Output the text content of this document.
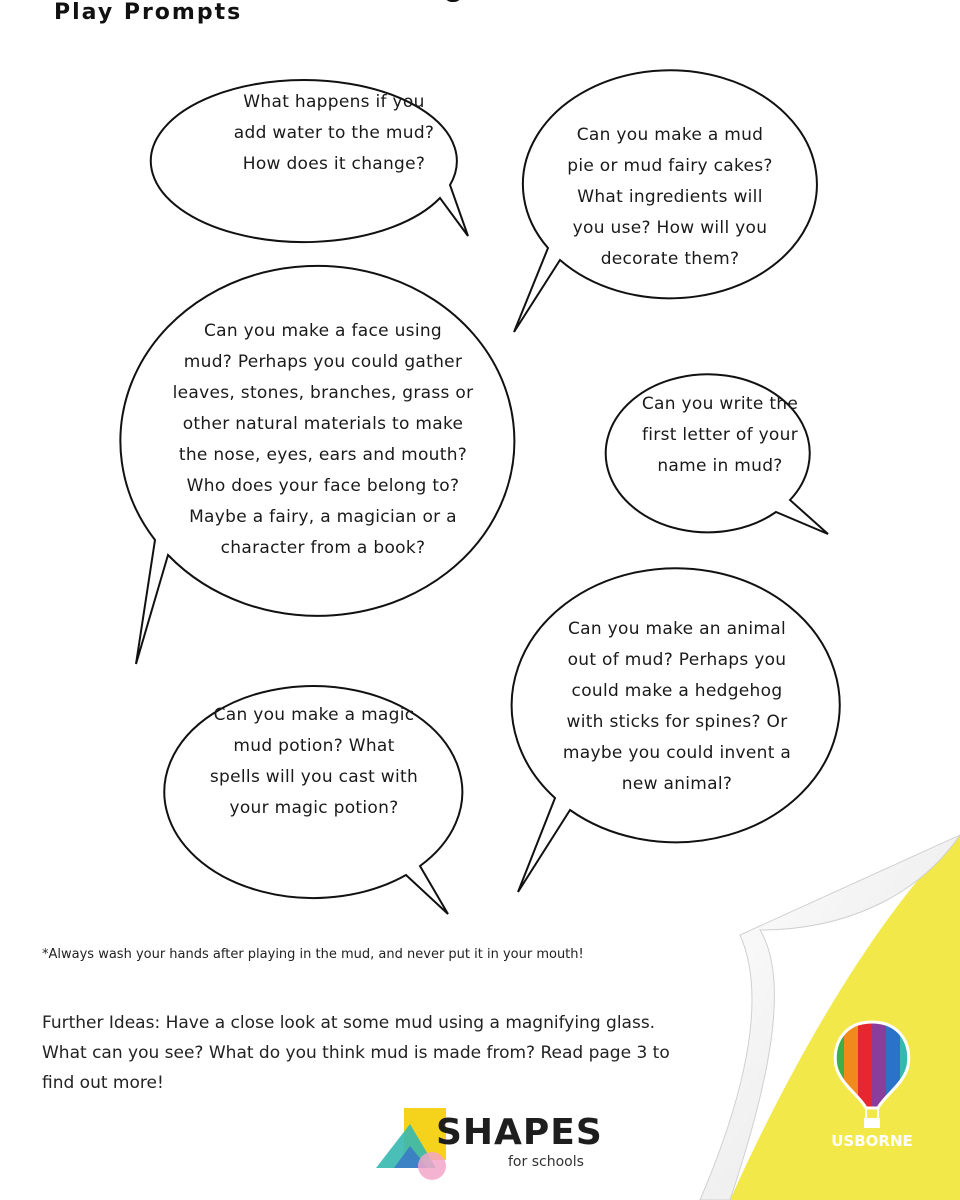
Play Prompts
What happens if you
add water to the mud?
How does it change?
Can you make a mud
pie or mud fairy cakes?
What ingredients will
you use? How will you
decorate them?
Can you make a face using
mud? Perhaps you could gather
leaves, stones, branches, grass or
other natural materials to make
the nose, eyes, ears and mouth?
Who does your face belong to?
Maybe a fairy, a magician or a
character from a book?
Can you write the
first letter of your
name in mud?
Can you make an animal
out of mud? Perhaps you
could make a hedgehog
with sticks for spines? Or
maybe you could invent a
new animal?
Can you make a magic
mud potion? What
spells will you cast with
your magic potion?
*Always wash your hands after playing in the mud, and never put it in your mouth!
Further Ideas: Have a close look at some mud using a magnifying glass. What can you see? What do you think mud is made from? Read page 3 to find out more!
SHAPES
for schools
USBORNE
